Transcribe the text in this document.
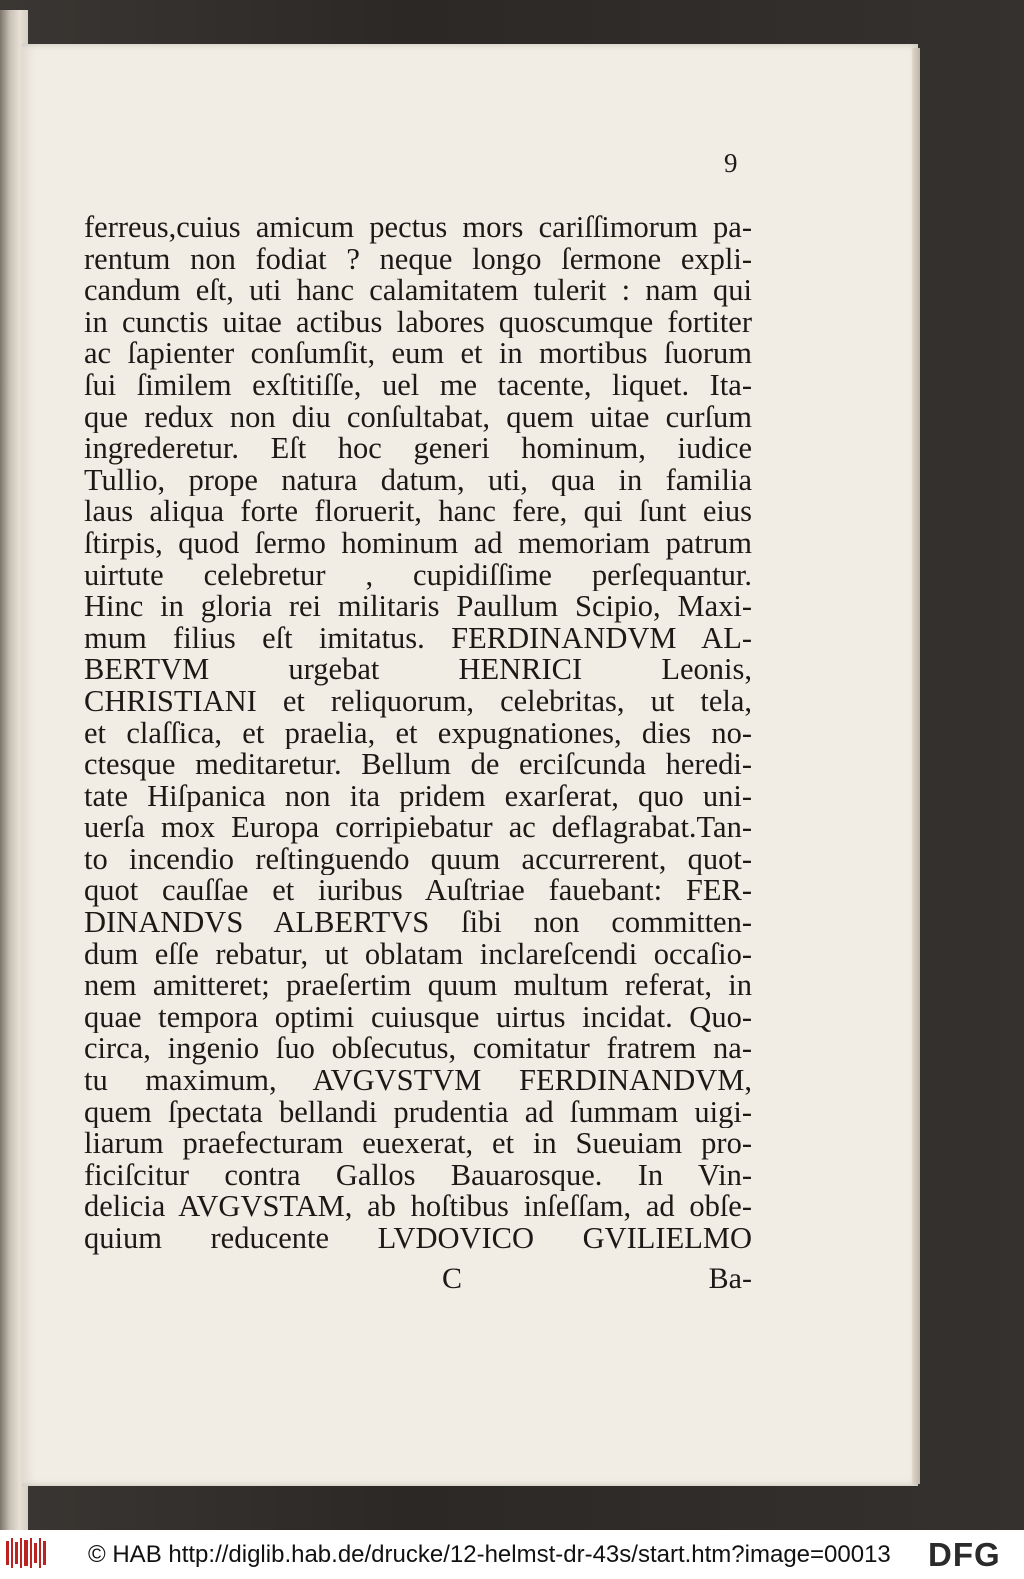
9
ferreus,cuius amicum pectus mors cariſſimorum pa-
rentum non fodiat ? neque longo ſermone expli-
candum eſt, uti hanc calamitatem tulerit : nam qui
in cunctis uitae actibus labores quoscumque fortiter
ac ſapienter conſumſit, eum et in mortibus ſuorum
ſui ſimilem exſtitiſſe, uel me tacente, liquet. Ita-
que redux non diu conſultabat, quem uitae curſum
ingrederetur. Eſt hoc generi hominum, iudice
Tullio, prope natura datum, uti, qua in familia
laus aliqua forte floruerit, hanc fere, qui ſunt eius
ſtirpis, quod ſermo hominum ad memoriam patrum
uirtute celebretur , cupidiſſime perſequantur.
Hinc in gloria rei militaris Paullum Scipio, Maxi-
mum filius eſt imitatus. FERDINANDVM AL-
BERTVM urgebat HENRICI Leonis,
CHRISTIANI et reliquorum, celebritas, ut tela,
et claſſica, et praelia, et expugnationes, dies no-
ctesque meditaretur. Bellum de erciſcunda heredi-
tate Hiſpanica non ita pridem exarſerat, quo uni-
uerſa mox Europa corripiebatur ac deflagrabat.Tan-
to incendio reſtinguendo quum accurrerent, quot-
quot cauſſae et iuribus Auſtriae fauebant: FER-
DINANDVS ALBERTVS ſibi non committen-
dum eſſe rebatur, ut oblatam inclareſcendi occaſio-
nem amitteret; praeſertim quum multum referat, in
quae tempora optimi cuiusque uirtus incidat. Quo-
circa, ingenio ſuo obſecutus, comitatur fratrem na-
tu maximum, AVGVSTVM FERDINANDVM,
quem ſpectata bellandi prudentia ad ſummam uigi-
liarum praefecturam euexerat, et in Sueuiam pro-
ficiſcitur contra Gallos Bauarosque. In Vin-
delicia AVGVSTAM, ab hoſtibus inſeſſam, ad obſe-
quium reducente LVDOVICO GVILIELMO
C	Ba-
© HAB http://diglib.hab.de/drucke/12-helmst-dr-43s/start.htm?image=00013 DFG
